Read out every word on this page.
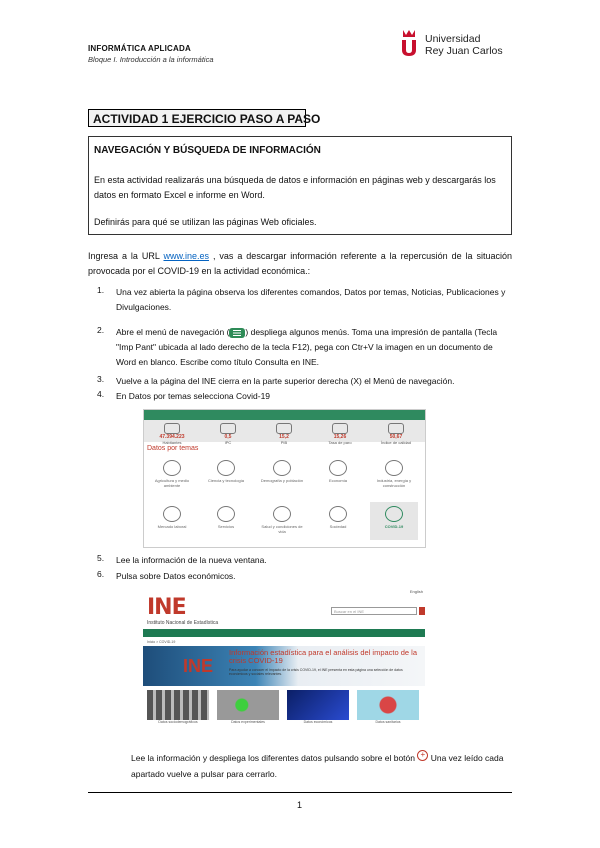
INFORMÁTICA APLICADA
Bloque I. Introducción a la informática
Universidad
Rey Juan Carlos
ACTIVIDAD 1 EJERCICIO PASO A PASO
NAVEGACIÓN Y BÚSQUEDA DE INFORMACIÓN
En esta actividad realizarás una búsqueda de datos e información en páginas web y descargarás los datos en formato Excel e informe en Word.
Definirás para qué se utilizan las páginas Web oficiales.
Ingresa a la URL www.ine.es , vas a descargar información referente a la repercusión de la situación provocada por el COVID-19 en la actividad económica.:
1. Una vez abierta la página observa los diferentes comandos, Datos por temas, Noticias, Publicaciones y Divulgaciones.
2. Abre el menú de navegación ( ) despliega algunos menús. Toma una impresión de pantalla (Tecla "Imp Pant" ubicada al lado derecho de la tecla F12), pega con Ctr+V la imagen en un documento de Word en blanco. Escribe como título Consulta en INE.
3. Vuelve a la página del INE cierra en la parte superior derecha (X) el Menú de navegación.
4. En Datos por temas selecciona Covid-19
47.394.223
Habitantes
0,5
IPC
15,2
PIB
15,26
Tasa de paro
50,67
Índice de calidad
Datos por temas
Agricultura y medio ambiente
Ciencia y tecnología	Demografía y población	Economía	Industria, energía y construcción
Mercado laboral	Servicios	Salud y condiciones de vida
Sociedad	COVID-19
5. Lee la información de la nueva ventana.
6. Pulsa sobre Datos económicos.
English
INE
Instituto Nacional de Estadística
Buscar en el INE
Inicio > COVID-19
INE
Información estadística para el análisis del impacto de la crisis COVID-19
Para ayudar a conocer el impacto de la crisis COVID-19, el INE presenta en esta página una selección de datos económicos y sociales relevantes.
Datos sociodemográficos	Datos experimentales	Datos económicos	Datos sanitarios
Lee la información y despliega los diferentes datos pulsando sobre el botón + Una vez leído cada apartado vuelve a pulsar para cerrarlo.
1
